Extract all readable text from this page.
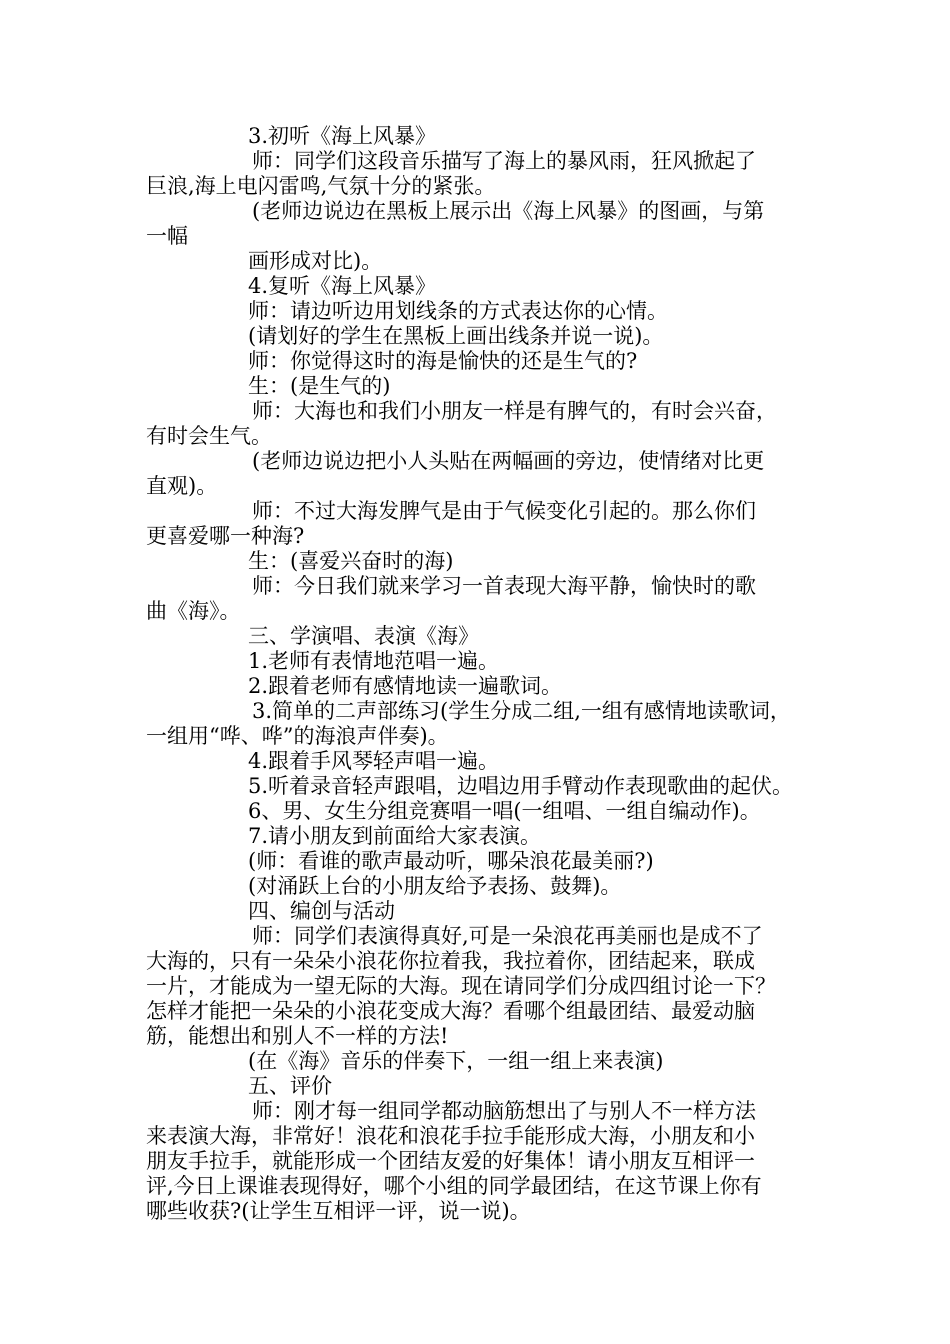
3.初听《海上风暴》
师：同学们这段音乐描写了海上的暴风雨，狂风掀起了
巨浪,海上电闪雷鸣,气氛十分的紧张。
(老师边说边在黑板上展示出《海上风暴》的图画，与第
一幅
画形成对比)。
4.复听《海上风暴》
师：请边听边用划线条的方式表达你的心情。
(请划好的学生在黑板上画出线条并说一说)。
师：你觉得这时的海是愉快的还是生气的?
生：(是生气的)
师：大海也和我们小朋友一样是有脾气的，有时会兴奋，
有时会生气。
(老师边说边把小人头贴在两幅画的旁边，使情绪对比更
直观)。
师：不过大海发脾气是由于气候变化引起的。那么你们
更喜爱哪一种海?
生：(喜爱兴奋时的海)
师：今日我们就来学习一首表现大海平静，愉快时的歌
曲《海》。
三、学演唱、表演《海》
1.老师有表情地范唱一遍。
2.跟着老师有感情地读一遍歌词。
3.简单的二声部练习(学生分成二组,一组有感情地读歌词，
一组用“哗、哗”的海浪声伴奏)。
4.跟着手风琴轻声唱一遍。
5.听着录音轻声跟唱，边唱边用手臂动作表现歌曲的起伏。
6、男、女生分组竞赛唱一唱(一组唱、一组自编动作)。
7.请小朋友到前面给大家表演。
(师：看谁的歌声最动听，哪朵浪花最美丽?)
(对涌跃上台的小朋友给予表扬、鼓舞)。
四、编创与活动
师：同学们表演得真好,可是一朵浪花再美丽也是成不了
大海的，只有一朵朵小浪花你拉着我，我拉着你，团结起来，联成
一片，才能成为一望无际的大海。现在请同学们分成四组讨论一下？
怎样才能把一朵朵的小浪花变成大海？看哪个组最团结、最爱动脑
筋，能想出和别人不一样的方法!
(在《海》音乐的伴奏下，一组一组上来表演)
五、评价
师：刚才每一组同学都动脑筋想出了与别人不一样方法
来表演大海，非常好！浪花和浪花手拉手能形成大海，小朋友和小
朋友手拉手，就能形成一个团结友爱的好集体！请小朋友互相评一
评,今日上课谁表现得好，哪个小组的同学最团结，在这节课上你有
哪些收获?(让学生互相评一评，说一说)。
